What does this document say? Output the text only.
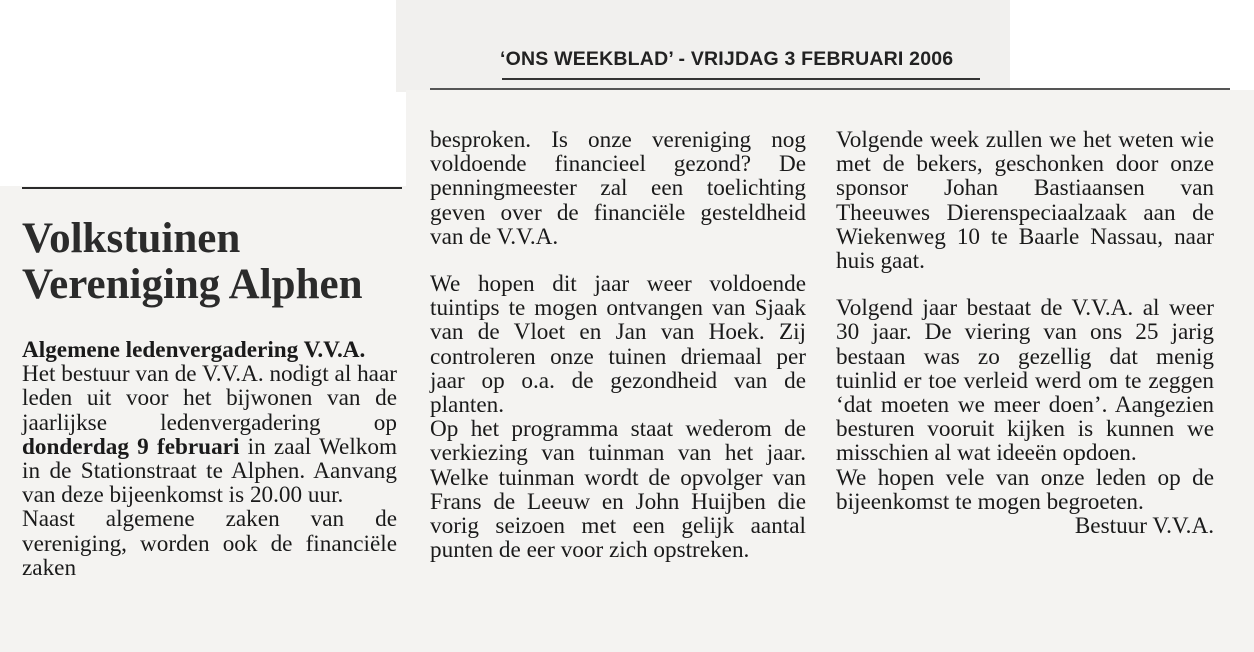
‘ONS WEEKBLAD’ - VRIJDAG 3 FEBRUARI 2006
Volkstuinen
Vereniging Alphen

Algemene ledenvergadering V.V.A.

Het bestuur van de V.V.A. nodigt al haar leden uit voor het bijwonen van de jaarlijkse ledenvergadering op donderdag 9 februari in zaal Welkom in de Stationstraat te Alphen. Aanvang van deze bijeenkomst is 20.00 uur.

Naast algemene zaken van de vereniging, worden ook de financiële zaken

besproken. Is onze vereniging nog voldoende financieel gezond? De penningmeester zal een toelichting geven over de financiële gesteldheid van de V.V.A.

We hopen dit jaar weer voldoende tuintips te mogen ontvangen van Sjaak van de Vloet en Jan van Hoek. Zij controleren onze tuinen driemaal per jaar op o.a. de gezondheid van de planten.

Op het programma staat wederom de verkiezing van tuinman van het jaar. Welke tuinman wordt de opvolger van Frans de Leeuw en John Huijben die vorig seizoen met een gelijk aantal punten de eer voor zich opstreken.

Volgende week zullen we het weten wie met de bekers, geschonken door onze sponsor Johan Bastiaansen van Theeuwes Dierenspeciaalzaak aan de Wiekenweg 10 te Baarle Nassau, naar huis gaat.

Volgend jaar bestaat de V.V.A. al weer 30 jaar. De viering van ons 25 jarig bestaan was zo gezellig dat menig tuinlid er toe verleid werd om te zeggen ‘dat moeten we meer doen’. Aangezien besturen vooruit kijken is kunnen we misschien al wat ideeën opdoen.

We hopen vele van onze leden op de bijeenkomst te mogen begroeten.

Bestuur V.V.A.
